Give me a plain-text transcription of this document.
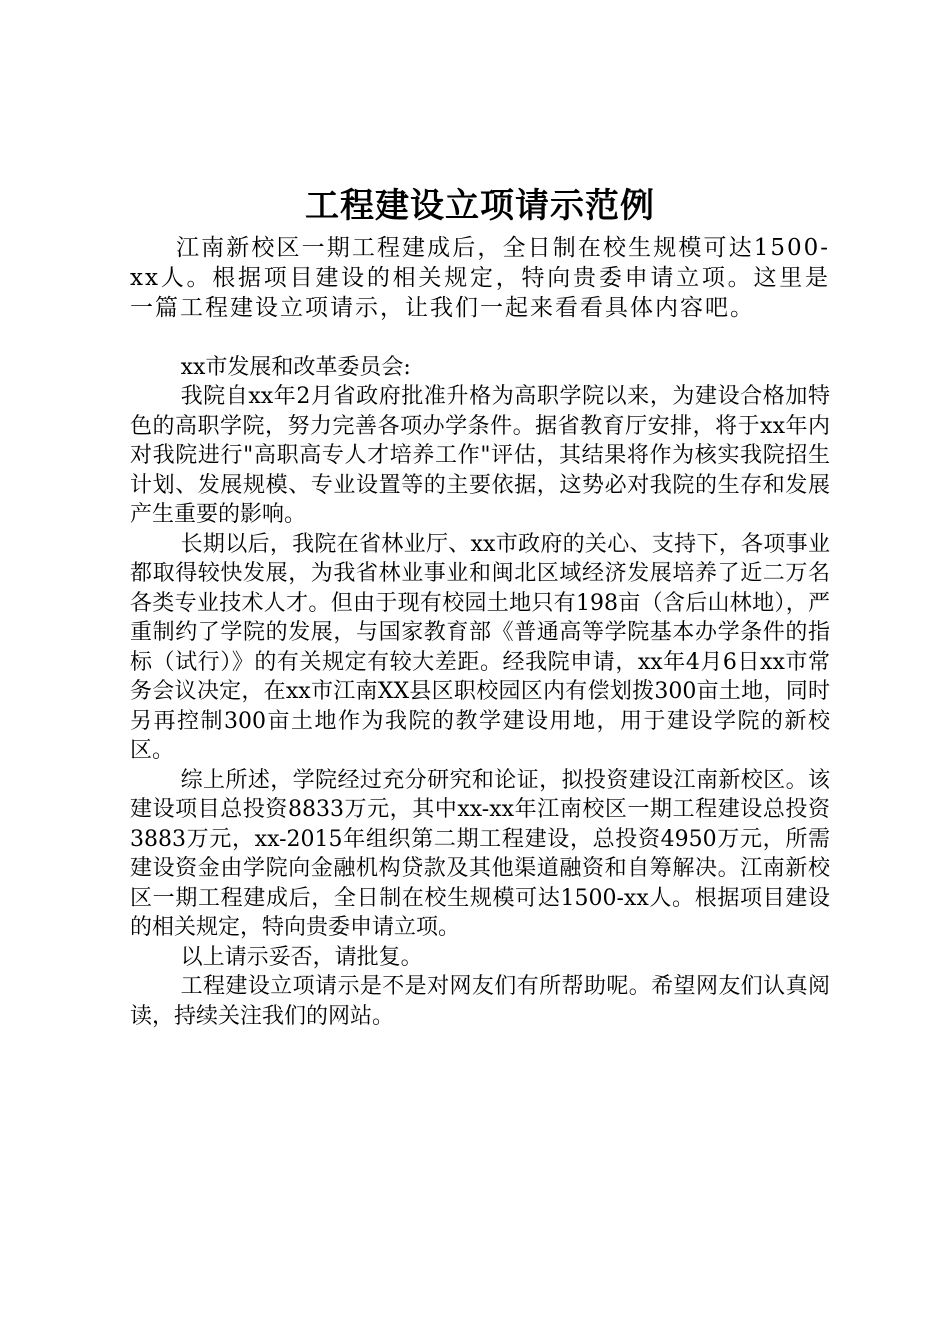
工程建设立项请示范例

江南新校区一期工程建成后，全日制在校生规模可达1500-xx人。根据项目建设的相关规定，特向贵委申请立项。这里是一篇工程建设立项请示，让我们一起来看看具体内容吧。

xx市发展和改革委员会:

我院自xx年2月省政府批准升格为高职学院以来，为建设合格加特色的高职学院，努力完善各项办学条件。据省教育厅安排，将于xx年内对我院进行"高职高专人才培养工作"评估，其结果将作为核实我院招生计划、发展规模、专业设置等的主要依据，这势必对我院的生存和发展产生重要的影响。

长期以后，我院在省林业厅、xx市政府的关心、支持下，各项事业都取得较快发展，为我省林业事业和闽北区域经济发展培养了近二万名各类专业技术人才。但由于现有校园土地只有198亩（含后山林地），严重制约了学院的发展，与国家教育部《普通高等学院基本办学条件的指标（试行）》的有关规定有较大差距。经我院申请，xx年4月6日xx市常务会议决定，在xx市江南XX县区职校园区内有偿划拨300亩土地，同时另再控制300亩土地作为我院的教学建设用地，用于建设学院的新校区。

综上所述，学院经过充分研究和论证，拟投资建设江南新校区。该建设项目总投资8833万元，其中xx-xx年江南校区一期工程建设总投资3883万元，xx-2015年组织第二期工程建设，总投资4950万元，所需建设资金由学院向金融机构贷款及其他渠道融资和自筹解决。江南新校区一期工程建成后，全日制在校生规模可达1500-xx人。根据项目建设的相关规定，特向贵委申请立项。

以上请示妥否，请批复。

工程建设立项请示是不是对网友们有所帮助呢。希望网友们认真阅读，持续关注我们的网站。
